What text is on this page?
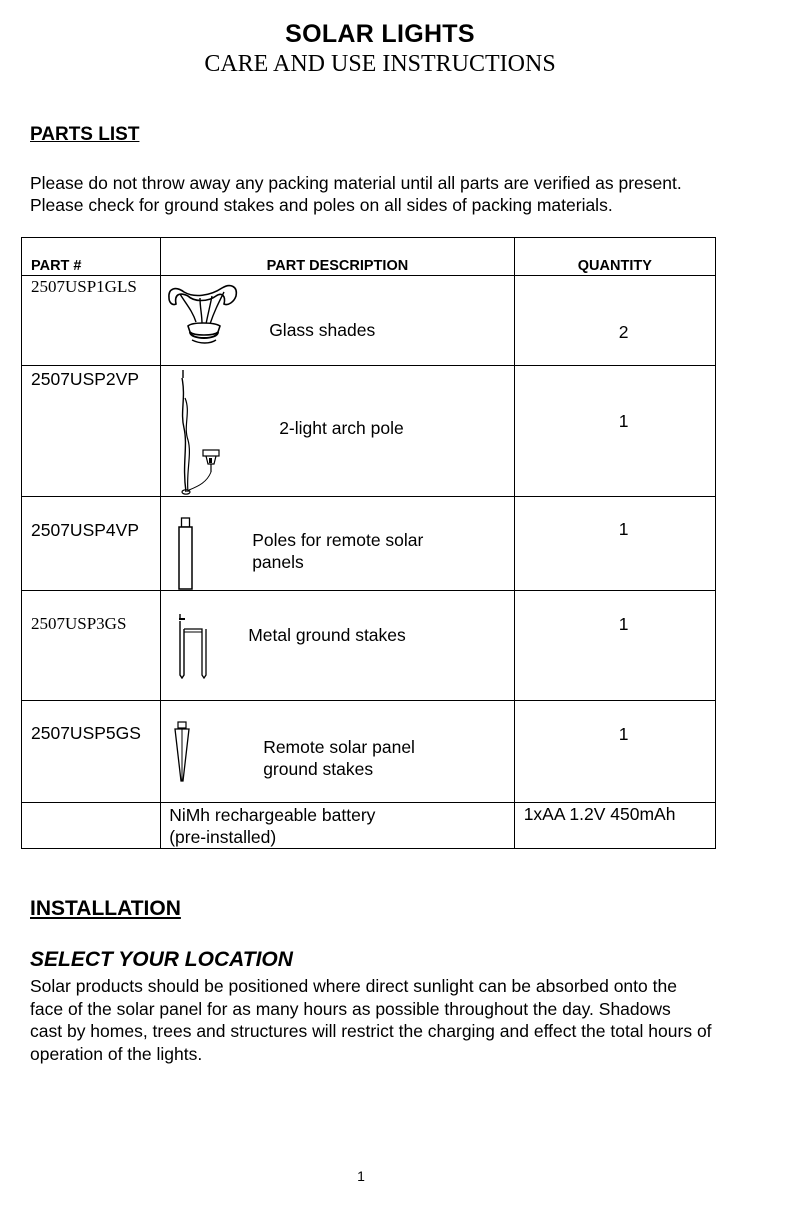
SOLAR LIGHTS
CARE AND USE INSTRUCTIONS
PARTS LIST
Please do not throw away any packing material until all parts are verified as present.
Please check for ground stakes and poles on all sides of packing materials.
PART #	PART DESCRIPTION	QUANTITY

2507USP1GLS	Glass shades	2

2507USP2VP	2-light arch pole	1

2507USP4VP	Poles for remote solar
panels	1

2507USP3GS	Metal ground stakes	1

2507USP5GS	Remote solar panel
ground stakes	1

	NiMh rechargeable battery
(pre-installed)	1xAA 1.2V 450mAh
INSTALLATION
SELECT YOUR LOCATION
Solar products should be positioned where direct sunlight can be absorbed onto the
face of the solar panel for as many hours as possible throughout the day. Shadows
cast by homes, trees and structures will restrict the charging and effect the total hours of
operation of the lights.
1
